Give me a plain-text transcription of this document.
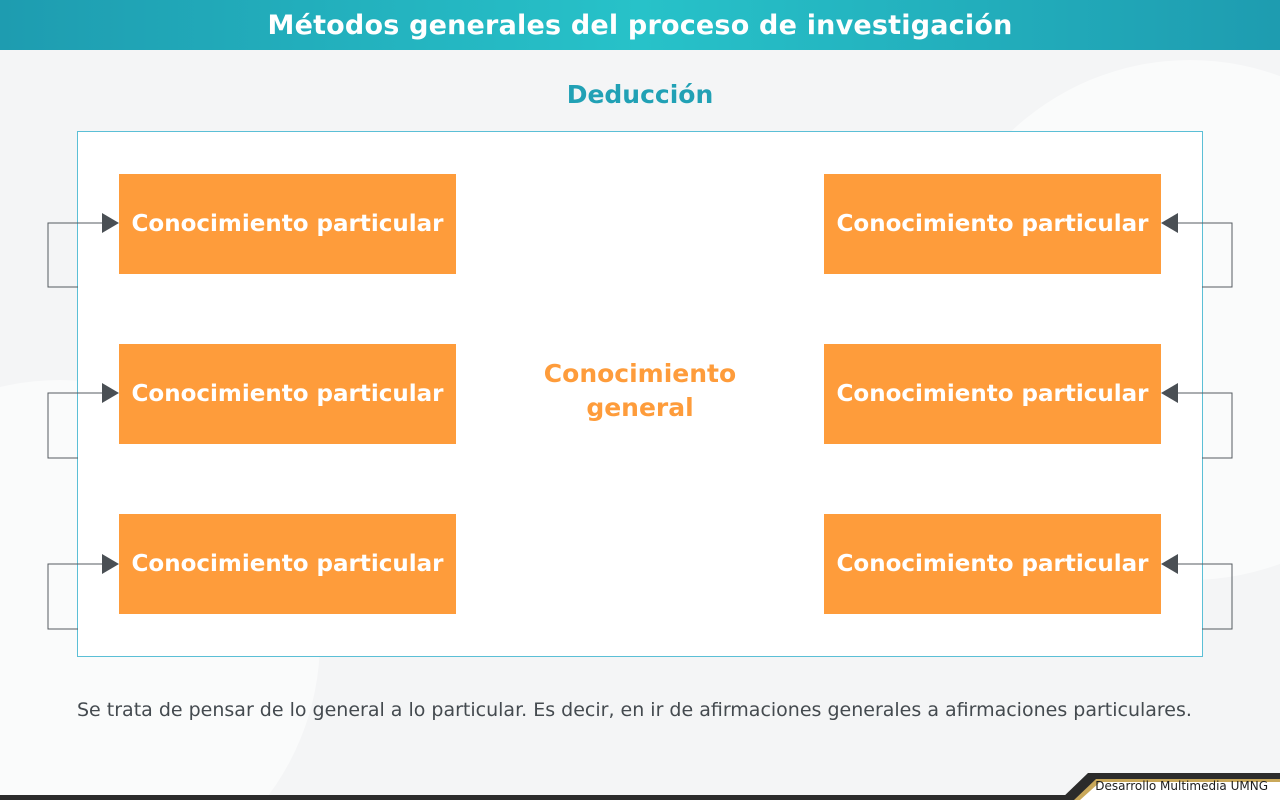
Métodos generales del proceso de investigación
Deducción
Conocimiento particular
Conocimiento particular
Conocimiento particular
Conocimiento particular
Conocimiento particular
Conocimiento particular
Conocimiento general

Se trata de pensar de lo general a lo particular. Es decir, en ir de afirmaciones generales a afirmaciones particulares.

Desarrollo Multimedia UMNG
